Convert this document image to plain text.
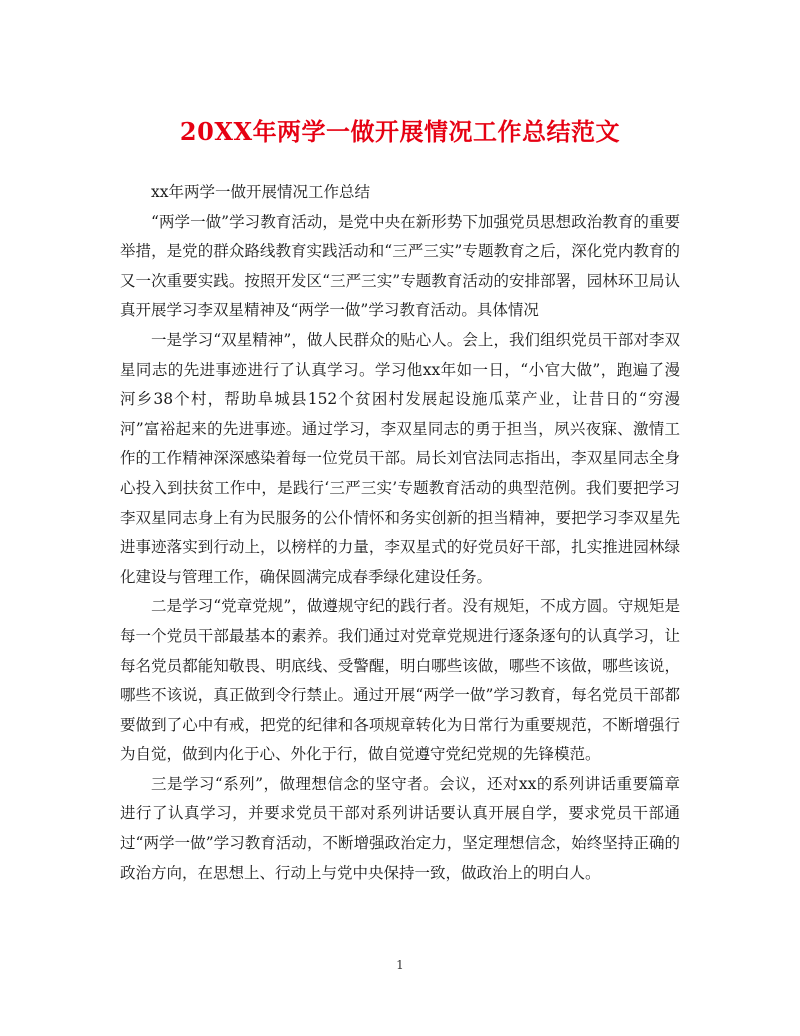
20XX年两学一做开展情况工作总结范文

xx年两学一做开展情况工作总结

“两学一做”学习教育活动，是党中央在新形势下加强党员思想政治教育的重要举措，是党的群众路线教育实践活动和“三严三实”专题教育之后，深化党内教育的又一次重要实践。按照开发区“三严三实”专题教育活动的安排部署，园林环卫局认真开展学习李双星精神及“两学一做”学习教育活动。具体情况

一是学习“双星精神”，做人民群众的贴心人。会上，我们组织党员干部对李双星同志的先进事迹进行了认真学习。学习他xx年如一日，“小官大做”，跑遍了漫河乡38个村，帮助阜城县152个贫困村发展起设施瓜菜产业，让昔日的“穷漫河”富裕起来的先进事迹。通过学习，李双星同志的勇于担当，夙兴夜寐、激情工作的工作精神深深感染着每一位党员干部。局长刘官法同志指出，李双星同志全身心投入到扶贫工作中，是践行‘三严三实’专题教育活动的典型范例。我们要把学习李双星同志身上有为民服务的公仆情怀和务实创新的担当精神，要把学习李双星先进事迹落实到行动上，以榜样的力量，李双星式的好党员好干部，扎实推进园林绿化建设与管理工作，确保圆满完成春季绿化建设任务。

二是学习“党章党规”，做遵规守纪的践行者。没有规矩，不成方圆。守规矩是每一个党员干部最基本的素养。我们通过对党章党规进行逐条逐句的认真学习，让每名党员都能知敬畏、明底线、受警醒，明白哪些该做，哪些不该做，哪些该说，哪些不该说，真正做到令行禁止。通过开展“两学一做”学习教育，每名党员干部都要做到了心中有戒，把党的纪律和各项规章转化为日常行为重要规范，不断增强行为自觉，做到内化于心、外化于行，做自觉遵守党纪党规的先锋模范。

三是学习“系列”，做理想信念的坚守者。会议，还对xx的系列讲话重要篇章进行了认真学习，并要求党员干部对系列讲话要认真开展自学，要求党员干部通过“两学一做”学习教育活动，不断增强政治定力，坚定理想信念，始终坚持正确的政治方向，在思想上、行动上与党中央保持一致，做政治上的明白人。

1
